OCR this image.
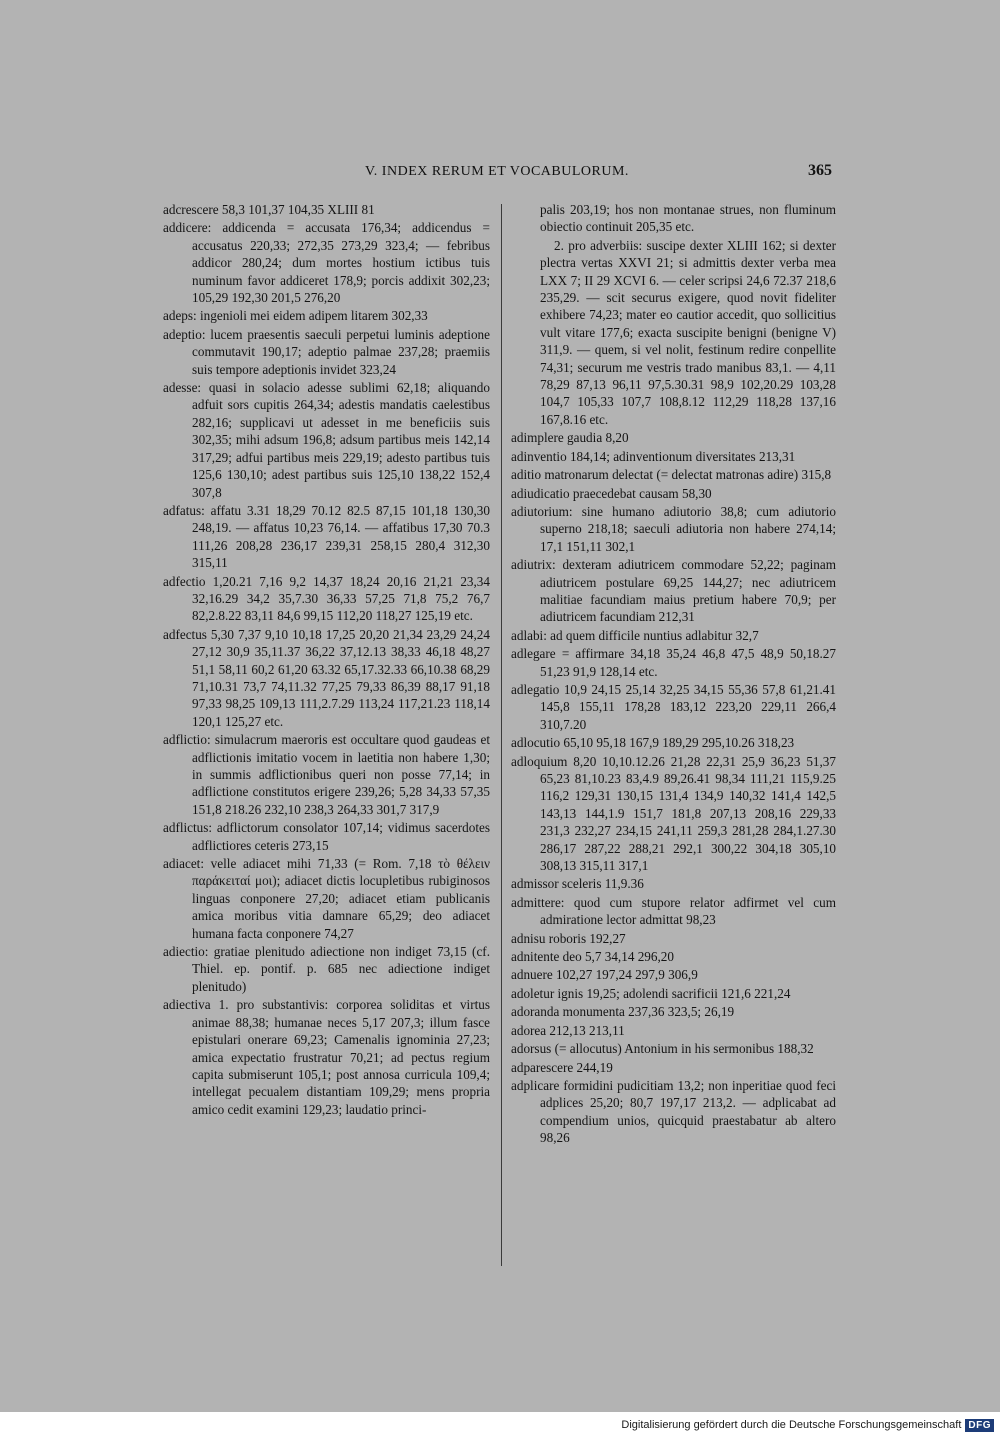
V. INDEX RERUM ET VOCABULORUM.	365

adcrescere 58,3 101,37 104,35 XLIII 81

addicere: addicenda = accusata 176,34; addicendus = accusatus 220,33; 272,35 273,29 323,4; — febribus addicor 280,24; dum mortes hostium ictibus tuis numinum favor addiceret 178,9; porcis addixit 302,23; 105,29 192,30 201,5 276,20

adeps: ingenioli mei eidem adipem litarem 302,33

adeptio: lucem praesentis saeculi perpetui luminis adeptione commutavit 190,17; adeptio palmae 237,28; praemiis suis tempore adeptionis invidet 323,24

adesse: quasi in solacio adesse sublimi 62,18; aliquando adfuit sors cupitis 264,34; adestis mandatis caelestibus 282,16; supplicavi ut adesset in me beneficiis suis 302,35; mihi adsum 196,8; adsum partibus meis 142,14 317,29; adfui partibus meis 229,19; adesto partibus tuis 125,6 130,10; adest partibus suis 125,10 138,22 152,4 307,8

adfatus: affatu 3.31 18,29 70.12 82.5 87,15 101,18 130,30 248,19. — affatus 10,23 76,14. — affatibus 17,30 70.3 111,26 208,28 236,17 239,31 258,15 280,4 312,30 315,11

adfectio 1,20.21 7,16 9,2 14,37 18,24 20,16 21,21 23,34 32,16.29 34,2 35,7.30 36,33 57,25 71,8 75,2 76,7 82,2.8.22 83,11 84,6 99,15 112,20 118,27 125,19 etc.

adfectus 5,30 7,37 9,10 10,18 17,25 20,20 21,34 23,29 24,24 27,12 30,9 35,11.37 36,22 37,12.13 38,33 46,18 48,27 51,1 58,11 60,2 61,20 63.32 65,17.32.33 66,10.38 68,29 71,10.31 73,7 74,11.32 77,25 79,33 86,39 88,17 91,18 97,33 98,25 109,13 111,2.7.29 113,24 117,21.23 118,14 120,1 125,27 etc.

adflictio: simulacrum maeroris est occultare quod gaudeas et adflictionis imitatio vocem in laetitia non habere 1,30; in summis adflictionibus queri non posse 77,14; in adflictione constitutos erigere 239,26; 5,28 34,33 57,35 151,8 218.26 232,10 238,3 264,33 301,7 317,9

adflictus: adflictorum consolator 107,14; vidimus sacerdotes adflictiores ceteris 273,15

adiacet: velle adiacet mihi 71,33 (= Rom. 7,18 τὸ θέλειν παράκειταί μοι); adiacet dictis locupletibus rubiginosos linguas conponere 27,20; adiacet etiam publicanis amica moribus vitia damnare 65,29; deo adiacet humana facta conponere 74,27

adiectio: gratiae plenitudo adiectione non indiget 73,15 (cf. Thiel. ep. pontif. p. 685 nec adiectione indiget plenitudo)

adiectiva 1. pro substantivis: corporea soliditas et virtus animae 88,38; humanae neces 5,17 207,3; illum fasce epistulari onerare 69,23; Camenalis ignominia 27,23; amica expectatio frustratur 70,21; ad pectus regium capita submiserunt 105,1; post annosa curricula 109,4; intellegat pecualem distantiam 109,29; mens propria amico cedit examini 129,23; laudatio princi-

palis 203,19; hos non montanae strues, non fluminum obiectio continuit 205,35 etc.

2. pro adverbiis: suscipe dexter XLIII 162; si dexter plectra vertas XXVI 21; si admittis dexter verba mea LXX 7; II 29 XCVI 6. — celer scripsi 24,6 72.37 218,6 235,29. — scit securus exigere, quod novit fideliter exhibere 74,23; mater eo cautior accedit, quo sollicitius vult vitare 177,6; exacta suscipite benigni (benigne V) 311,9. — quem, si vel nolit, festinum redire conpellite 74,31; securum me vestris trado manibus 83,1. — 4,11 78,29 87,13 96,11 97,5.30.31 98,9 102,20.29 103,28 104,7 105,33 107,7 108,8.12 112,29 118,28 137,16 167,8.16 etc.

adimplere gaudia 8,20

adinventio 184,14; adinventionum diversitates 213,31

aditio matronarum delectat (= delectat matronas adire) 315,8

adiudicatio praecedebat causam 58,30

adiutorium: sine humano adiutorio 38,8; cum adiutorio superno 218,18; saeculi adiutoria non habere 274,14; 17,1 151,11 302,1

adiutrix: dexteram adiutricem commodare 52,22; paginam adiutricem postulare 69,25 144,27; nec adiutricem malitiae facundiam maius pretium habere 70,9; per adiutricem facundiam 212,31

adlabi: ad quem difficile nuntius adlabitur 32,7

adlegare = affirmare 34,18 35,24 46,8 47,5 48,9 50,18.27 51,23 91,9 128,14 etc.

adlegatio 10,9 24,15 25,14 32,25 34,15 55,36 57,8 61,21.41 145,8 155,11 178,28 183,12 223,20 229,11 266,4 310,7.20

adlocutio 65,10 95,18 167,9 189,29 295,10.26 318,23

adloquium 8,20 10,10.12.26 21,28 22,31 25,9 36,23 51,37 65,23 81,10.23 83,4.9 89,26.41 98,34 111,21 115,9.25 116,2 129,31 130,15 131,4 134,9 140,32 141,4 142,5 143,13 144,1.9 151,7 181,8 207,13 208,16 229,33 231,3 232,27 234,15 241,11 259,3 281,28 284,1.27.30 286,17 287,22 288,21 292,1 300,22 304,18 305,10 308,13 315,11 317,1

admissor sceleris 11,9.36

admittere: quod cum stupore relator adfirmet vel cum admiratione lector admittat 98,23

adnisu roboris 192,27

adnitente deo 5,7 34,14 296,20

adnuere 102,27 197,24 297,9 306,9

adoletur ignis 19,25; adolendi sacrificii 121,6 221,24

adoranda monumenta 237,36 323,5; 26,19

adorea 212,13 213,11

adorsus (= allocutus) Antonium in his sermonibus 188,32

adparescere 244,19

adplicare formidini pudicitiam 13,2; non inperitiae quod feci adplices 25,20; 80,7 197,17 213,2. — adplicabat ad compendium unios, quicquid praestabatur ab altero 98,26

Digitalisierung gefördert durch die Deutsche Forschungsgemeinschaft DFG
